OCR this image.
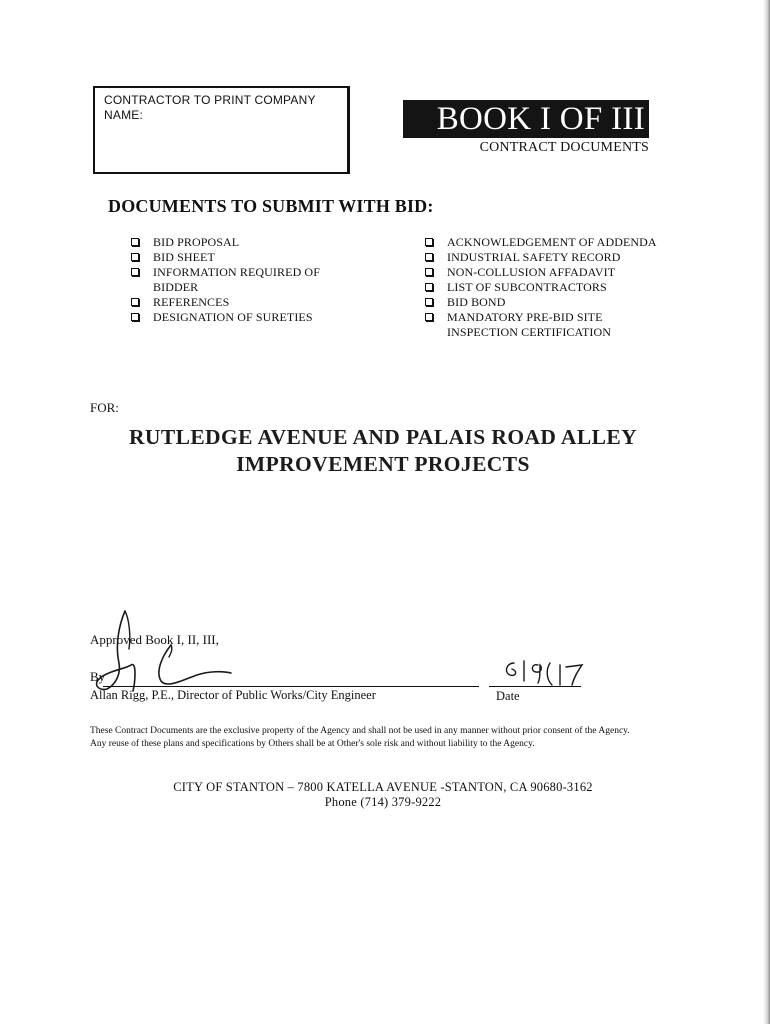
CONTRACTOR TO PRINT COMPANY
NAME:	BOOK I OF III
CONTRACT DOCUMENTS
DOCUMENTS TO SUBMIT WITH BID:
BID PROPOSAL
BID SHEET
INFORMATION REQUIRED OF BIDDER
REFERENCES
DESIGNATION OF SURETIES
ACKNOWLEDGEMENT OF ADDENDA
INDUSTRIAL SAFETY RECORD
NON-COLLUSION AFFADAVIT
LIST OF SUBCONTRACTORS
BID BOND
MANDATORY PRE-BID SITE INSPECTION CERTIFICATION
FOR:
RUTLEDGE AVENUE AND PALAIS ROAD ALLEY
IMPROVEMENT PROJECTS
Approved Book I, II, III,
By
Allan Rigg, P.E., Director of Public Works/City Engineer	Date
These Contract Documents are the exclusive property of the Agency and shall not be used in any manner without prior consent of the Agency.
Any reuse of these plans and specifications by Others shall be at Other's sole risk and without liability to the Agency.
CITY OF STANTON – 7800 KATELLA AVENUE -STANTON, CA 90680-3162
Phone (714) 379-9222
